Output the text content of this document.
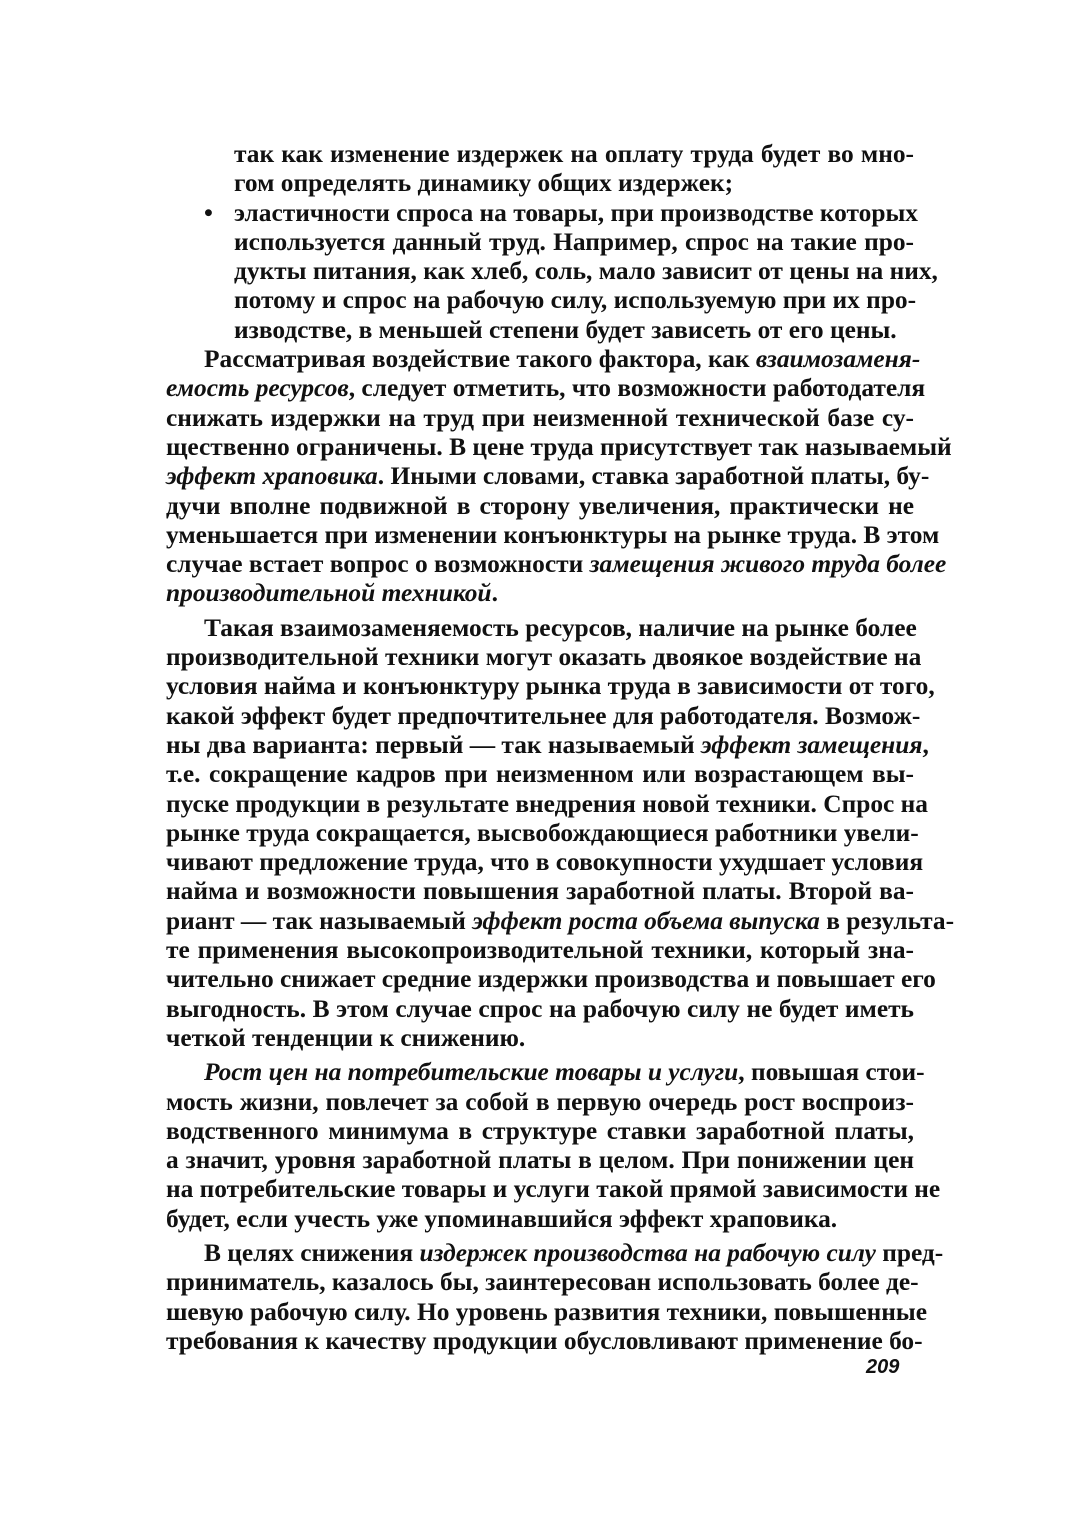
так как изменение издержек на оплату труда будет во мно-
гом определять динамику общих издержек;
• эластичности спроса на товары, при производстве которых
используется данный труд. Например, спрос на такие про-
дукты питания, как хлеб, соль, мало зависит от цены на них,
потому и спрос на рабочую силу, используемую при их про-
изводстве, в меньшей степени будет зависеть от его цены.
Рассматривая воздействие такого фактора, как взаимозаменя-
емость ресурсов, следует отметить, что возможности работодателя
снижать издержки на труд при неизменной технической базе су-
щественно ограничены. В цене труда присутствует так называемый
эффект храповика. Иными словами, ставка заработной платы, бу-
дучи вполне подвижной в сторону увеличения, практически не
уменьшается при изменении конъюнктуры на рынке труда. В этом
случае встает вопрос о возможности замещения живого труда более
производительной техникой.
Такая взаимозаменяемость ресурсов, наличие на рынке более
производительной техники могут оказать двоякое воздействие на
условия найма и конъюнктуру рынка труда в зависимости от того,
какой эффект будет предпочтительнее для работодателя. Возмож-
ны два варианта: первый — так называемый эффект замещения,
т.е. сокращение кадров при неизменном или возрастающем вы-
пуске продукции в результате внедрения новой техники. Спрос на
рынке труда сокращается, высвобождающиеся работники увели-
чивают предложение труда, что в совокупности ухудшает условия
найма и возможности повышения заработной платы. Второй ва-
риант — так называемый эффект роста объема выпуска в результа-
те применения высокопроизводительной техники, который зна-
чительно снижает средние издержки производства и повышает его
выгодность. В этом случае спрос на рабочую силу не будет иметь
четкой тенденции к снижению.
Рост цен на потребительские товары и услуги, повышая стои-
мость жизни, повлечет за собой в первую очередь рост воспроиз-
водственного минимума в структуре ставки заработной платы,
а значит, уровня заработной платы в целом. При понижении цен
на потребительские товары и услуги такой прямой зависимости не
будет, если учесть уже упоминавшийся эффект храповика.
В целях снижения издержек производства на рабочую силу пред-
приниматель, казалось бы, заинтересован использовать более де-
шевую рабочую силу. Но уровень развития техники, повышенные
требования к качеству продукции обусловливают применение бо-
209
